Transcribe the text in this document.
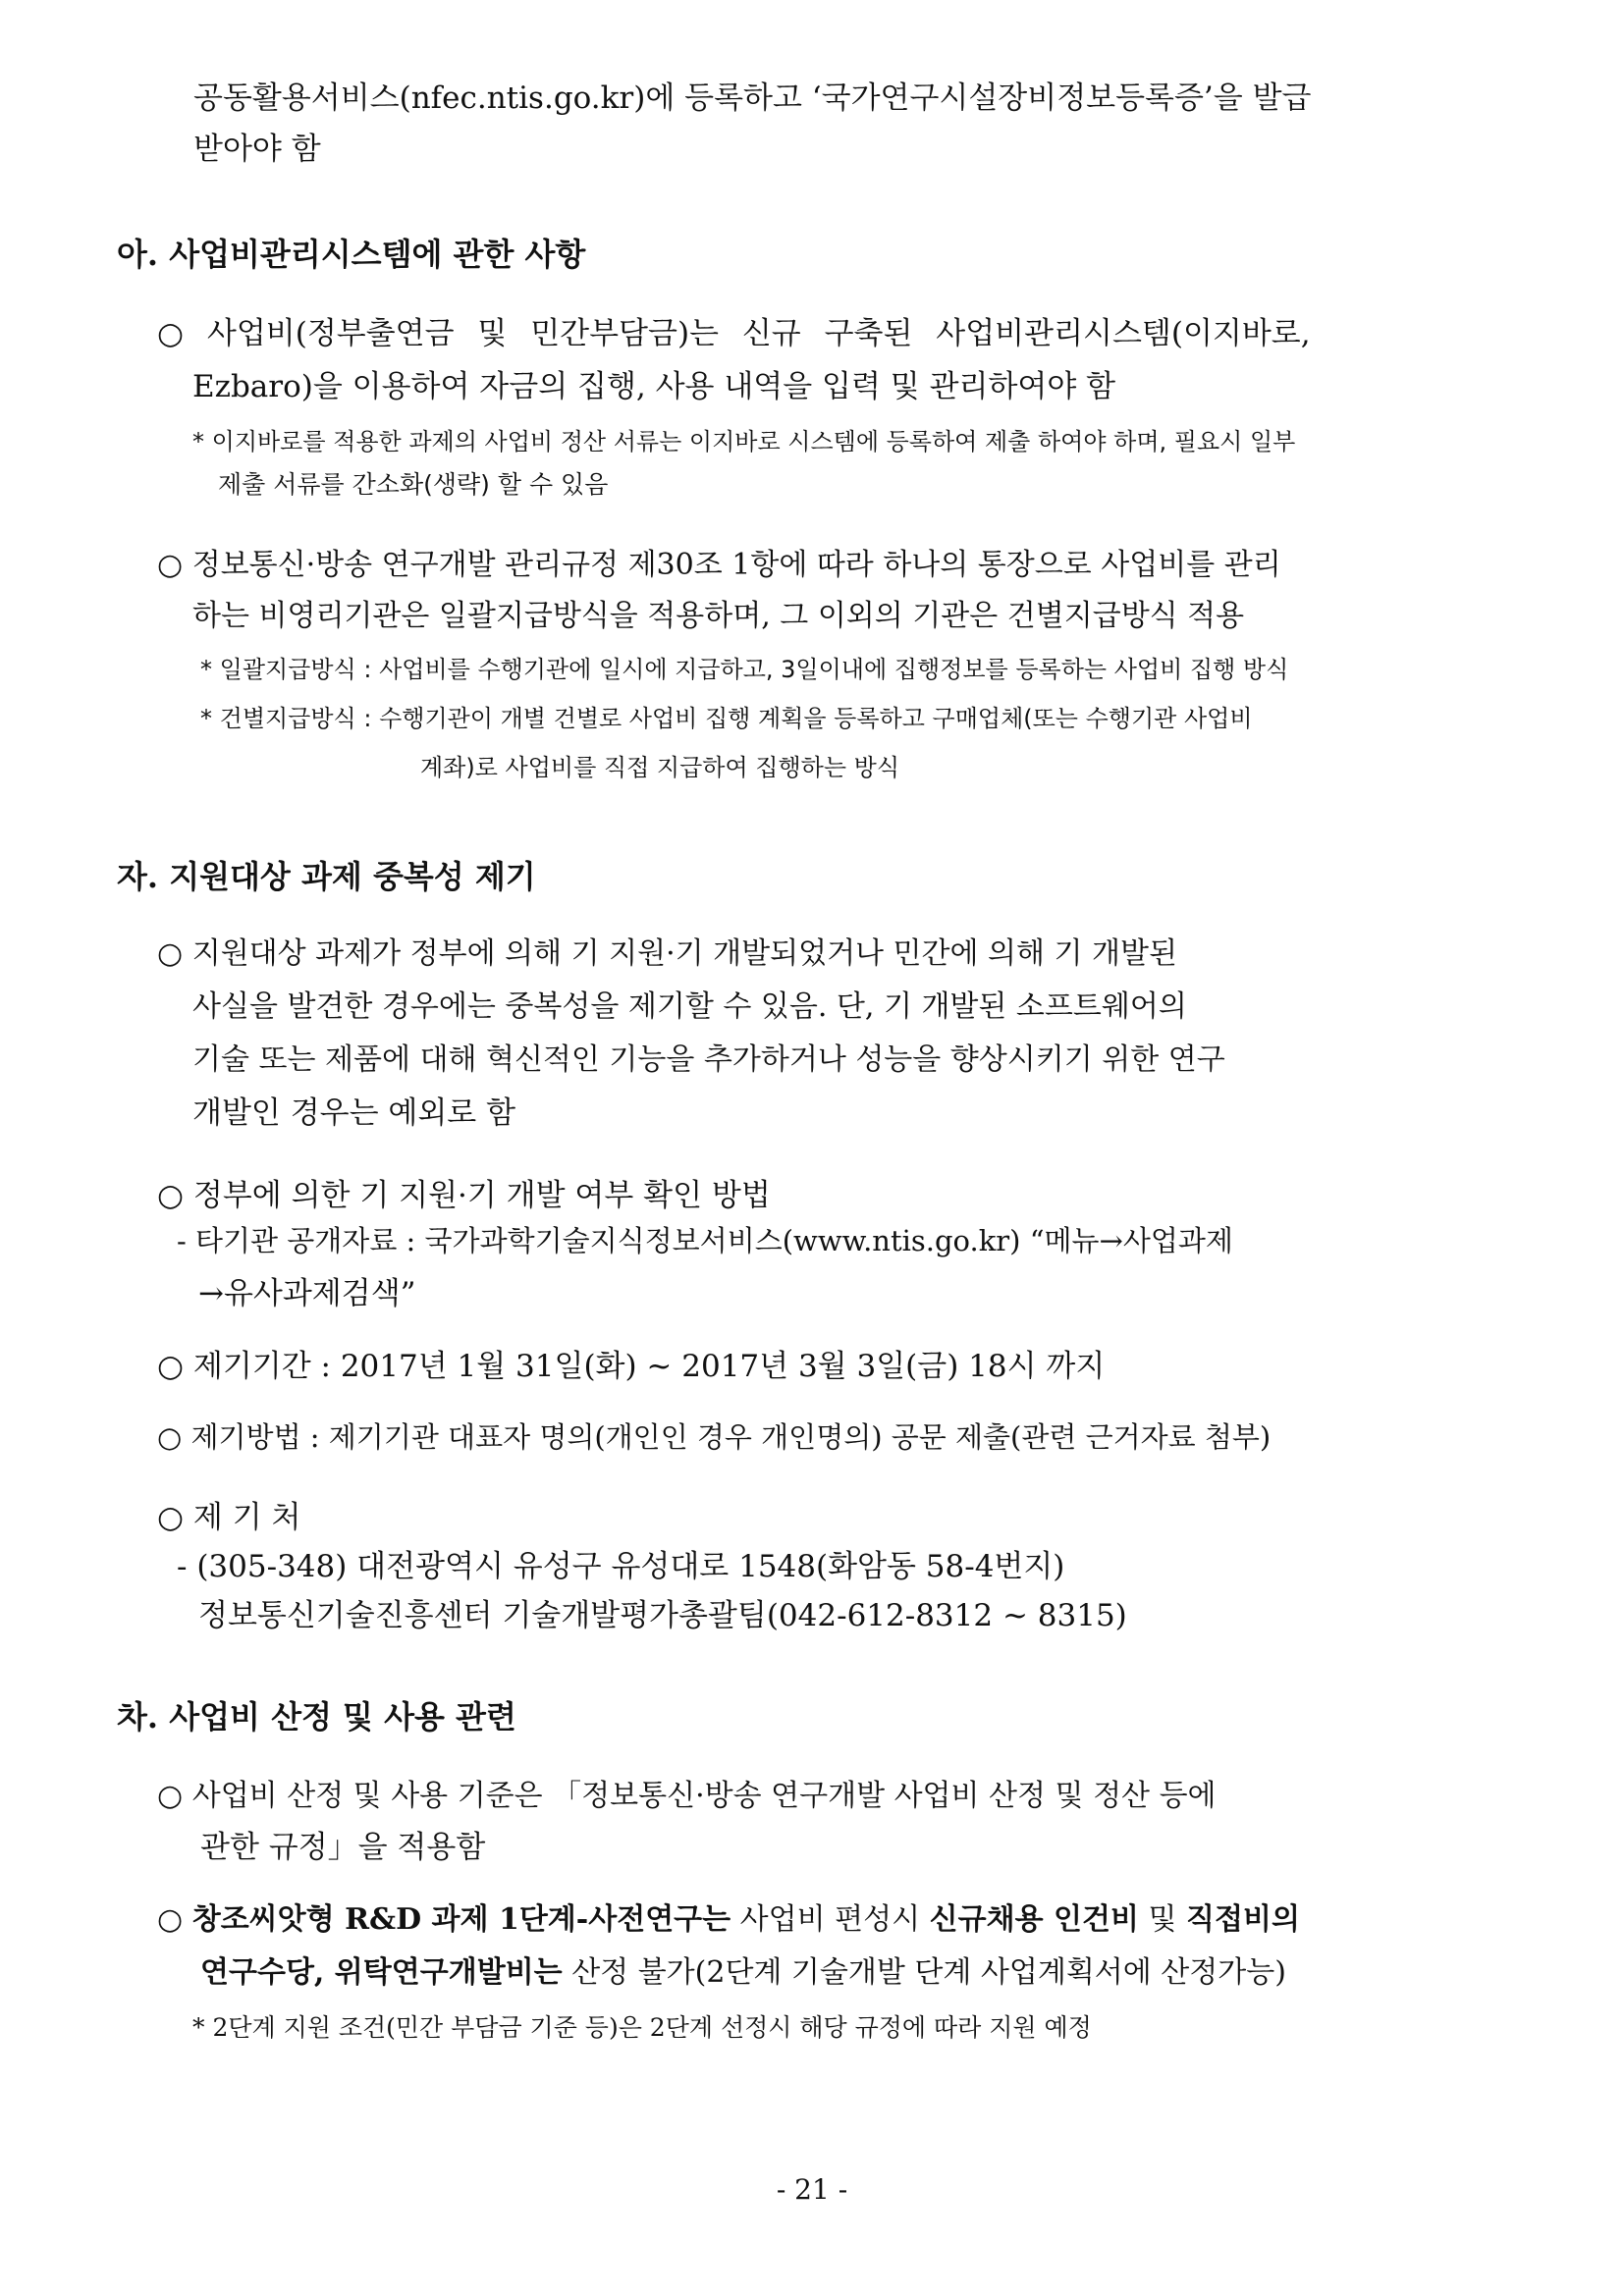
공동활용서비스(nfec.ntis.go.kr)에 등록하고 ‘국가연구시설장비정보등록증’을 발급

받아야 함

아. 사업비관리시스템에 관한 사항

○ 사업비(정부출연금 및 민간부담금)는 신규 구축된 사업비관리시스템(이지바로,

Ezbaro)을 이용하여 자금의 집행, 사용 내역을 입력 및 관리하여야 함

* 이지바로를 적용한 과제의 사업비 정산 서류는 이지바로 시스템에 등록하여 제출 하여야 하며, 필요시 일부

제출 서류를 간소화(생략) 할 수 있음

○ 정보통신·방송 연구개발 관리규정 제30조 1항에 따라 하나의 통장으로 사업비를 관리

하는 비영리기관은 일괄지급방식을 적용하며, 그 이외의 기관은 건별지급방식 적용

* 일괄지급방식 : 사업비를 수행기관에 일시에 지급하고, 3일이내에 집행정보를 등록하는 사업비 집행 방식

* 건별지급방식 : 수행기관이 개별 건별로 사업비 집행 계획을 등록하고 구매업체(또는 수행기관 사업비

계좌)로 사업비를 직접 지급하여 집행하는 방식

자. 지원대상 과제 중복성 제기

○ 지원대상 과제가 정부에 의해 기 지원·기 개발되었거나 민간에 의해 기 개발된

사실을 발견한 경우에는 중복성을 제기할 수 있음. 단, 기 개발된 소프트웨어의

기술 또는 제품에 대해 혁신적인 기능을 추가하거나 성능을 향상시키기 위한 연구

개발인 경우는 예외로 함

○ 정부에 의한 기 지원·기 개발 여부 확인 방법

- 타기관 공개자료 : 국가과학기술지식정보서비스(www.ntis.go.kr) “메뉴→사업과제

→유사과제검색”

○ 제기기간 : 2017년 1월 31일(화) ~ 2017년 3월 3일(금) 18시 까지

○ 제기방법 : 제기기관 대표자 명의(개인인 경우 개인명의) 공문 제출(관련 근거자료 첨부)

○ 제 기 처

- (305-348) 대전광역시 유성구 유성대로 1548(화암동 58-4번지)

정보통신기술진흥센터 기술개발평가총괄팀(042-612-8312 ~ 8315)

차. 사업비 산정 및 사용 관련

○ 사업비 산정 및 사용 기준은 「정보통신·방송 연구개발 사업비 산정 및 정산 등에

관한 규정」을 적용함

○ 창조씨앗형 R&D 과제 1단계-사전연구는 사업비 편성시 신규채용 인건비 및 직접비의

연구수당, 위탁연구개발비는 산정 불가(2단계 기술개발 단계 사업계획서에 산정가능)

* 2단계 지원 조건(민간 부담금 기준 등)은 2단계 선정시 해당 규정에 따라 지원 예정

- 21 -
